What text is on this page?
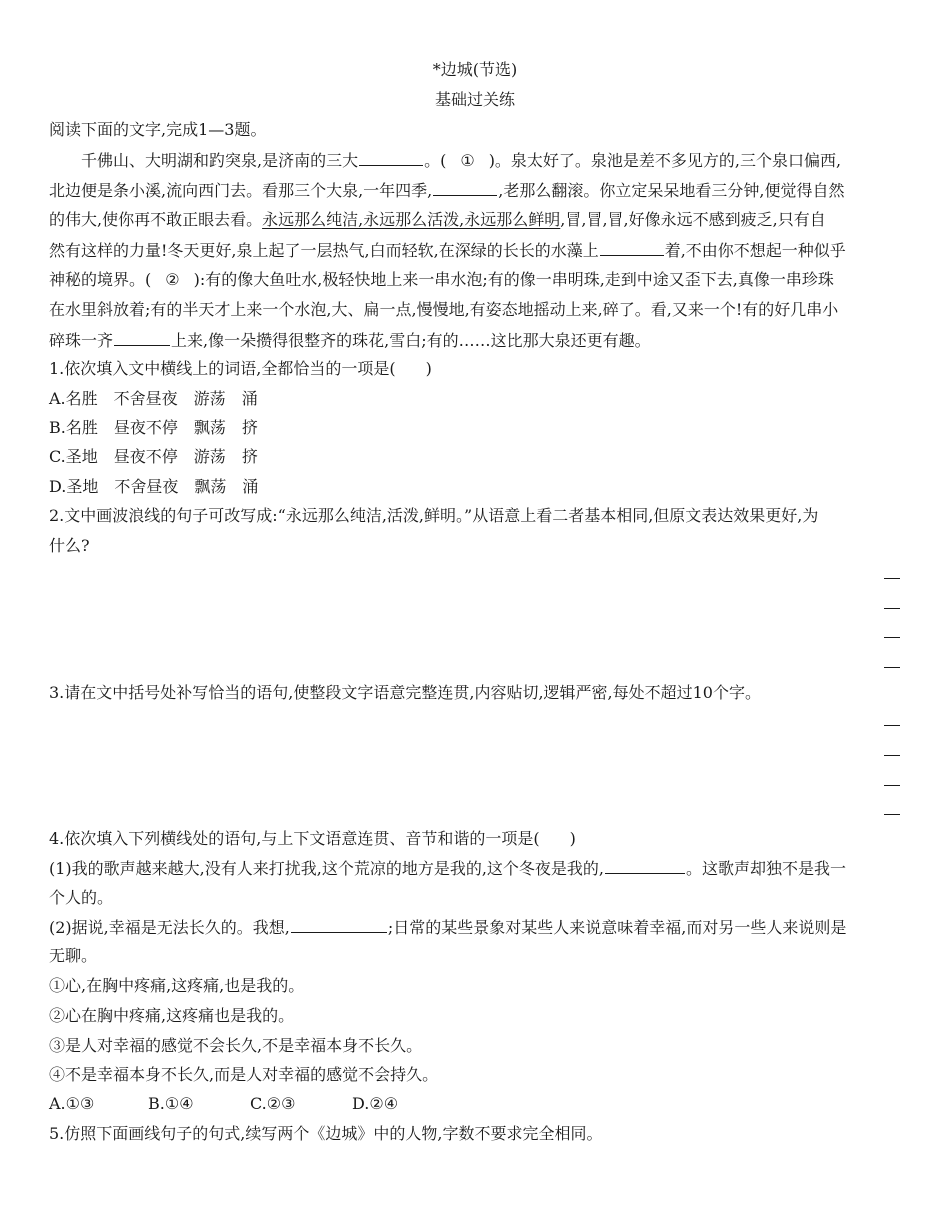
*边城(节选)
基础过关练
阅读下面的文字,完成1—3题。
千佛山、大明湖和趵突泉,是济南的三大	。( ① )。泉太好了。泉池是差不多见方的,三个泉口偏西,
北边便是条小溪,流向西门去。看那三个大泉,一年四季,	,老那么翻滚。你立定呆呆地看三分钟,便觉得自然
的伟大,使你再不敢正眼去看。永远那么纯洁,永远那么活泼,永远那么鲜明,冒,冒,冒,好像永远不感到疲乏,只有自
然有这样的力量!冬天更好,泉上起了一层热气,白而轻软,在深绿的长长的水藻上	着,不由你不想起一种似乎
神秘的境界。( ② ):有的像大鱼吐水,极轻快地上来一串水泡;有的像一串明珠,走到中途又歪下去,真像一串珍珠
在水里斜放着;有的半天才上来一个水泡,大、扁一点,慢慢地,有姿态地摇动上来,碎了。看,又来一个!有的好几串小
碎珠一齐	上来,像一朵攒得很整齐的珠花,雪白;有的……这比那大泉还更有趣。
1.依次填入文中横线上的词语,全都恰当的一项是( )
A.名胜 不舍昼夜 游荡 涌
B.名胜 昼夜不停 飘荡 挤
C.圣地 昼夜不停 游荡 挤
D.圣地 不舍昼夜 飘荡 涌
2.文中画波浪线的句子可改写成:“永远那么纯洁,活泼,鲜明。”从语意上看二者基本相同,但原文表达效果更好,为
什么?
3.请在文中括号处补写恰当的语句,使整段文字语意完整连贯,内容贴切,逻辑严密,每处不超过10个字。
4.依次填入下列横线处的语句,与上下文语意连贯、音节和谐的一项是( )
(1)我的歌声越来越大,没有人来打扰我,这个荒凉的地方是我的,这个冬夜是我的,	。这歌声却独不是我一
个人的。
(2)据说,幸福是无法长久的。我想,	;日常的某些景象对某些人来说意味着幸福,而对另一些人来说则是
无聊。
①心,在胸中疼痛,这疼痛,也是我的。
②心在胸中疼痛,这疼痛也是我的。
③是人对幸福的感觉不会长久,不是幸福本身不长久。
④不是幸福本身不长久,而是人对幸福的感觉不会持久。
A.①③	B.①④	C.②③	D.②④
5.仿照下面画线句子的句式,续写两个《边城》中的人物,字数不要求完全相同。
